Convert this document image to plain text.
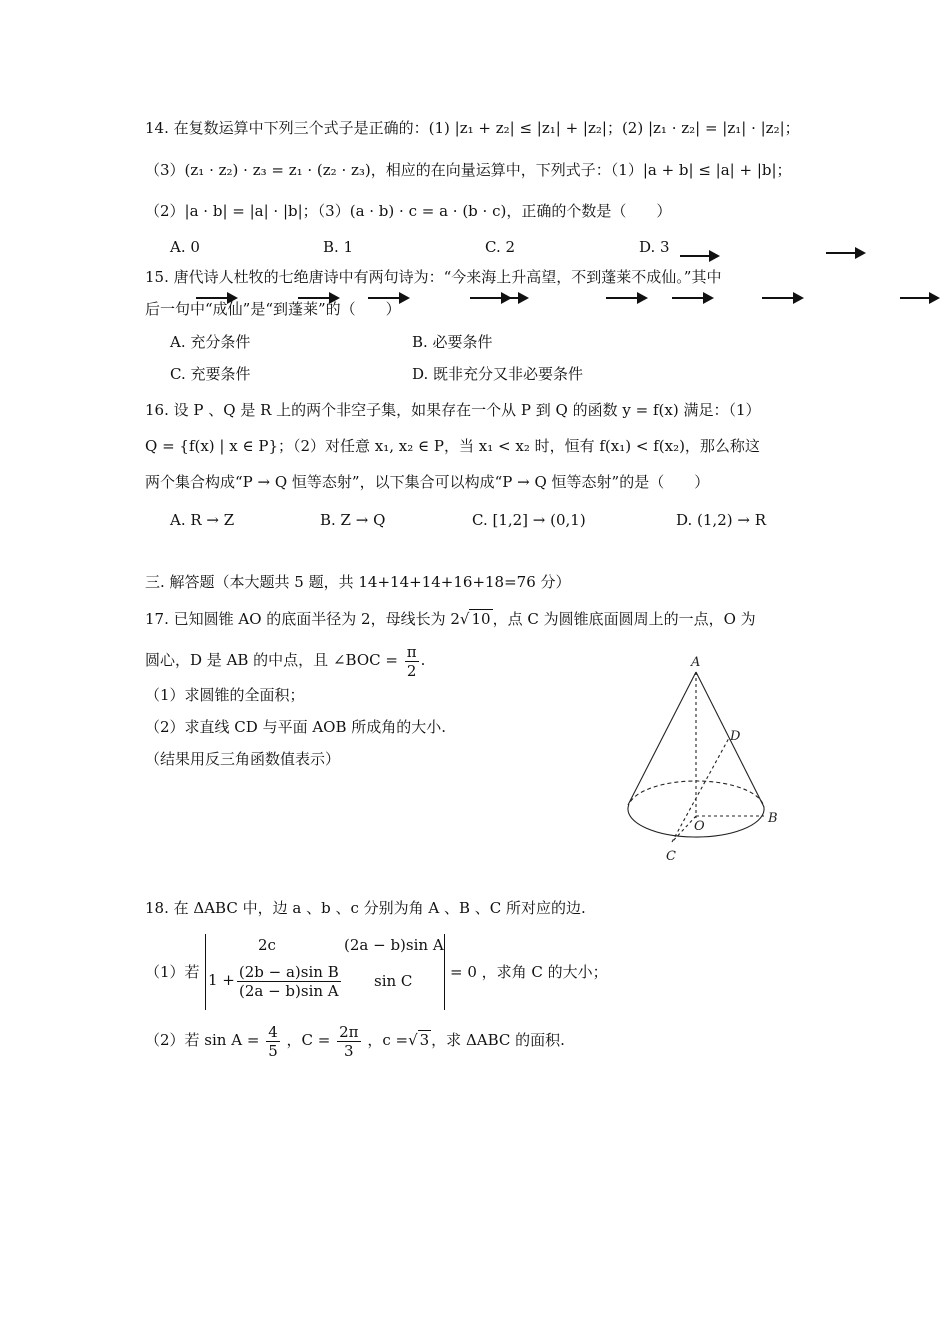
14. 在复数运算中下列三个式子是正确的：(1) |z₁ + z₂| ≤ |z₁| + |z₂|；(2) |z₁ · z₂| = |z₁| · |z₂|；
（3）(z₁ · z₂) · z₃ = z₁ · (z₂ · z₃)，相应的在向量运算中，下列式子：（1）|a + b| ≤ |a| + |b|；
（2）|a · b| = |a| · |b|；（3）(a · b) · c = a · (b · c)，正确的个数是（　　）
A. 0	B. 1	C. 2	D. 3
15. 唐代诗人杜牧的七绝唐诗中有两句诗为：“今来海上升高望，不到蓬莱不成仙。”其中
后一句中“成仙”是“到蓬莱”的（　　）
A. 充分条件	B. 必要条件
C. 充要条件	D. 既非充分又非必要条件
16. 设 P 、Q 是 R 上的两个非空子集，如果存在一个从 P 到 Q 的函数 y = f(x) 满足：（1）
Q = {f(x) | x ∈ P}；（2）对任意 x₁, x₂ ∈ P，当 x₁ < x₂ 时，恒有 f(x₁) < f(x₂)，那么称这
两个集合构成“P → Q 恒等态射”，以下集合可以构成“P → Q 恒等态射”的是（　　）
A. R → Z	B. Z → Q	C. [1,2] → (0,1)	D. (1,2) → R
三. 解答题（本大题共 5 题，共 14+14+14+16+18=76 分）
17. 已知圆锥 AO 的底面半径为 2，母线长为 2√ 10 ，点 C 为圆锥底面圆周上的一点，O 为
圆心，D 是 AB 的中点，且 ∠BOC = $\frac{\pi}{2}$ .
（1）求圆锥的全面积；
（2）求直线 CD 与平面 AOB 所成角的大小.
（结果用反三角函数值表示）
A
D
B
O
C
18. 在 ΔABC 中，边 a 、b 、c 分别为角 A 、B 、C 所对应的边.
（1）若
2c	(2a − b)sin A
$1 + \frac{\text{(2b − a)sin B}}{\text{(2a − b)sin A}}$ sin C	= 0 ，求角 C 的大小；
（2）若 $\sin A = \frac{4}{5}$ ，$C = \frac{2\pi}{3}$ ，c =√ 3 ，求 ΔABC 的面积.
